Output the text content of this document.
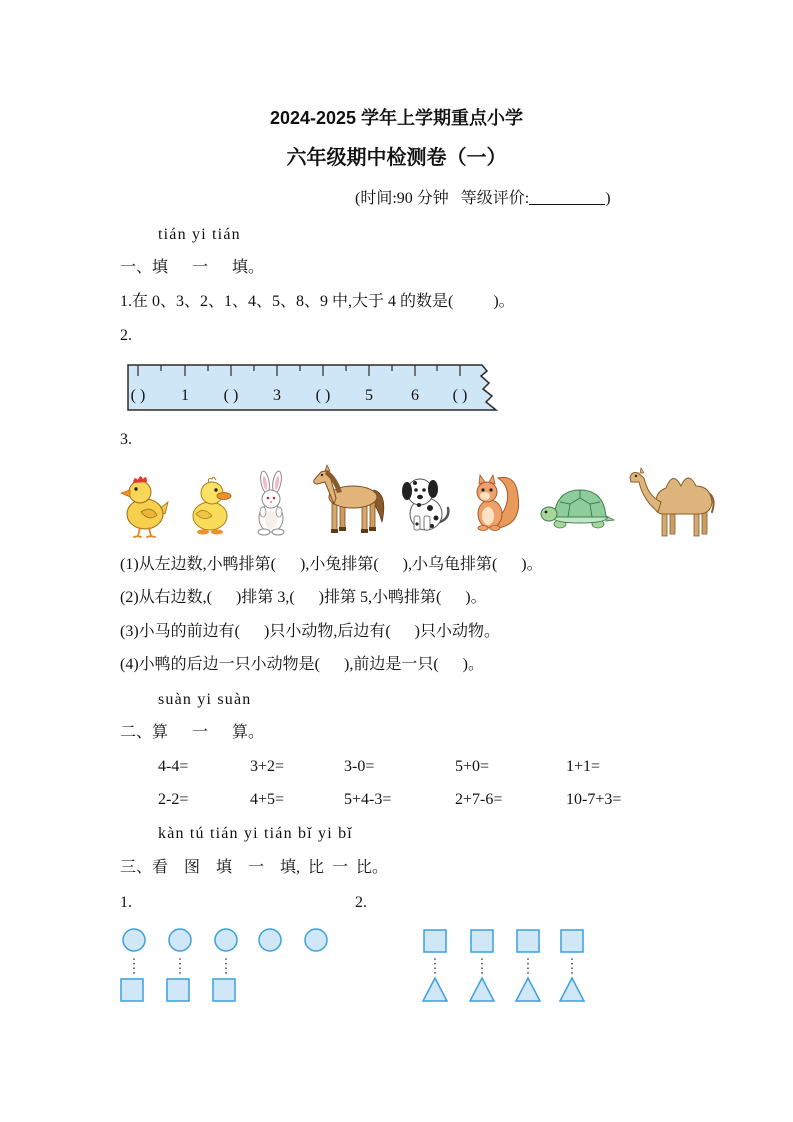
2024-2025 学年上学期重点小学
六年级期中检测卷（一）
(时间:90 分钟   等级评价:	)
tián yi tián
一、填   一   填。
1.在 0、3、2、1、4、5、8、9 中,大于 4 的数是(          )。
2.
( ) 1 ( ) 3 ( ) 5 6 ( )
3.
(1)从左边数,小鸭排第(      ),小兔排第(      ),小乌龟排第(      )。
(2)从右边数,(      )排第 3,(      )排第 5,小鸭排第(      )。
(3)小马的前边有(      )只小动物,后边有(      )只小动物。
(4)小鸭的后边一只小动物是(      ),前边是一只(      )。
suàn yi suàn
二、算   一   算。
4-4=	3+2=	3-0=	5+0=	1+1=
2-2=	4+5=	5+4-3=	2+7-6=	10-7+3=
kàn tú tián yi tián bǐ yi bǐ
三、看  图  填  一  填, 比 一 比。
1.	2.
